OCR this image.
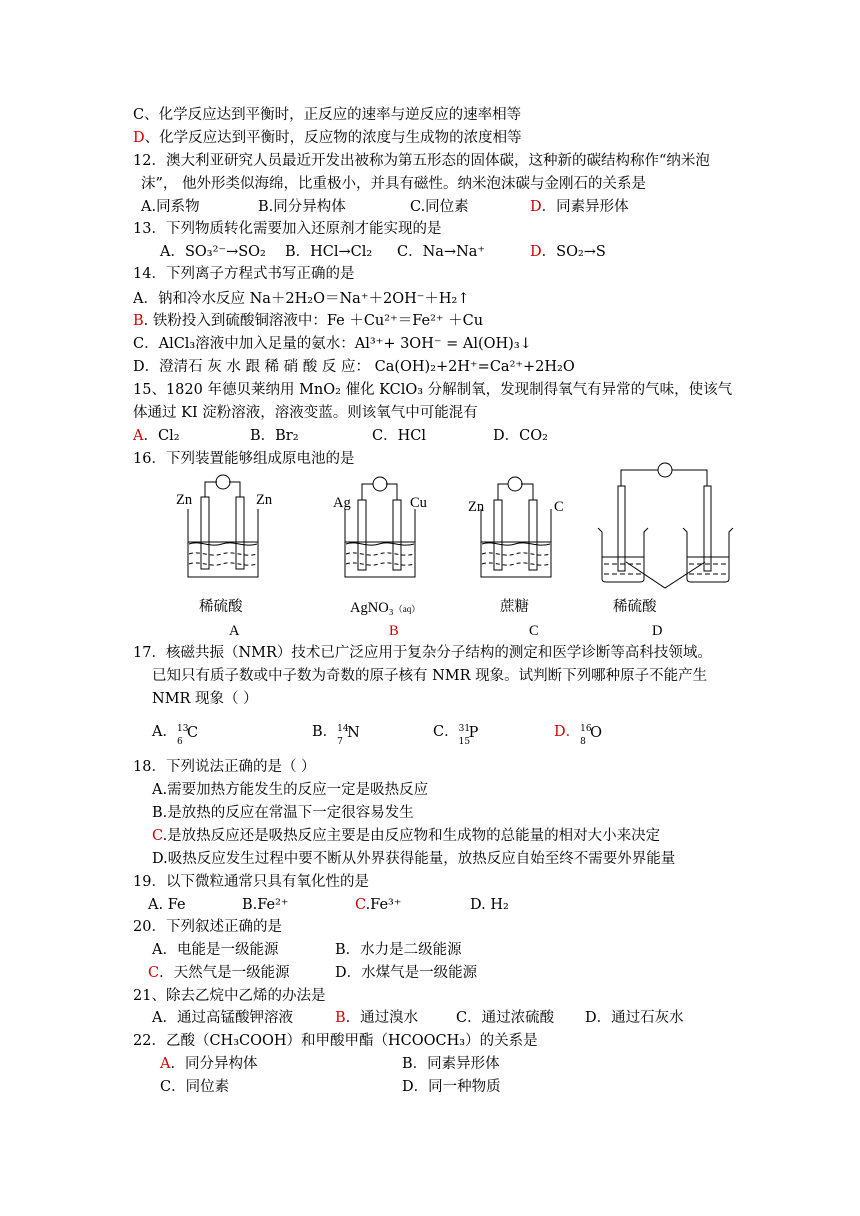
C、化学反应达到平衡时，正反应的速率与逆反应的速率相等
D、化学反应达到平衡时，反应物的浓度与生成物的浓度相等
12．澳大利亚研究人员最近开发出被称为第五形态的固体碳，这种新的碳结构称作“纳米泡
沫”， 他外形类似海绵，比重极小，并具有磁性。纳米泡沫碳与金刚石的关系是
A.同系物	B.同分异构体	C.同位素	D．同素异形体
13．下列物质转化需要加入还原剂才能实现的是
A．SO₃²⁻→SO₂ B．HCl→Cl₂ C．Na→Na⁺	D．SO₂→S
14．下列离子方程式书写正确的是
A．钠和冷水反应 Na＋2H₂O＝Na⁺＋2OH⁻＋H₂↑
B. 铁粉投入到硫酸铜溶液中：Fe ＋Cu²⁺＝Fe²⁺ ＋Cu
C．AlCl₃溶液中加入足量的氨水：Al³⁺+ 3OH⁻ = Al(OH)₃↓
D．澄清石 灰 水 跟 稀 硝 酸 反 应： Ca(OH)₂+2H⁺=Ca²⁺+2H₂O
15、1820 年德贝莱纳用 MnO₂ 催化 KClO₃ 分解制氧，发现制得氧气有异常的气味，使该气
体通过 KI 淀粉溶液，溶液变蓝。则该氧气中可能混有
A．Cl₂	B．Br₂	C．HCl	D．CO₂
16．下列装置能够组成原电池的是
Zn	Zn	Ag	Cu	Zn	C
稀硫酸	AgNO₃（aq）	蔗糖	稀硫酸
A	B	C	D
17．核磁共振（NMR）技术已广泛应用于复杂分子结构的测定和医学诊断等高科技领域。
已知只有质子数或中子数为奇数的原子核有 NMR 现象。试判断下列哪种原子不能产生
NMR 现象（ ）
A． 13
6
C	B． 14
7
N	C． 31
15
P	D． 16
8
O
18．下列说法正确的是（ ）
A.需要加热方能发生的反应一定是吸热反应
B.是放热的反应在常温下一定很容易发生
C.是放热反应还是吸热反应主要是由反应物和生成物的总能量的相对大小来决定
D.吸热反应发生过程中要不断从外界获得能量，放热反应自始至终不需要外界能量
19．以下微粒通常只具有氧化性的是
A. Fe	B.Fe²⁺	C.Fe³⁺	D. H₂
20．下列叙述正确的是
A．电能是一级能源	B．水力是二级能源
C．天然气是一级能源	D．水煤气是一级能源
21、除去乙烷中乙烯的办法是
A．通过高锰酸钾溶液	B．通过溴水	C．通过浓硫酸 D．通过石灰水
22．乙酸（CH₃COOH）和甲酸甲酯（HCOOCH₃）的关系是
A．同分异构体	B．同素异形体
C．同位素	D．同一种物质
